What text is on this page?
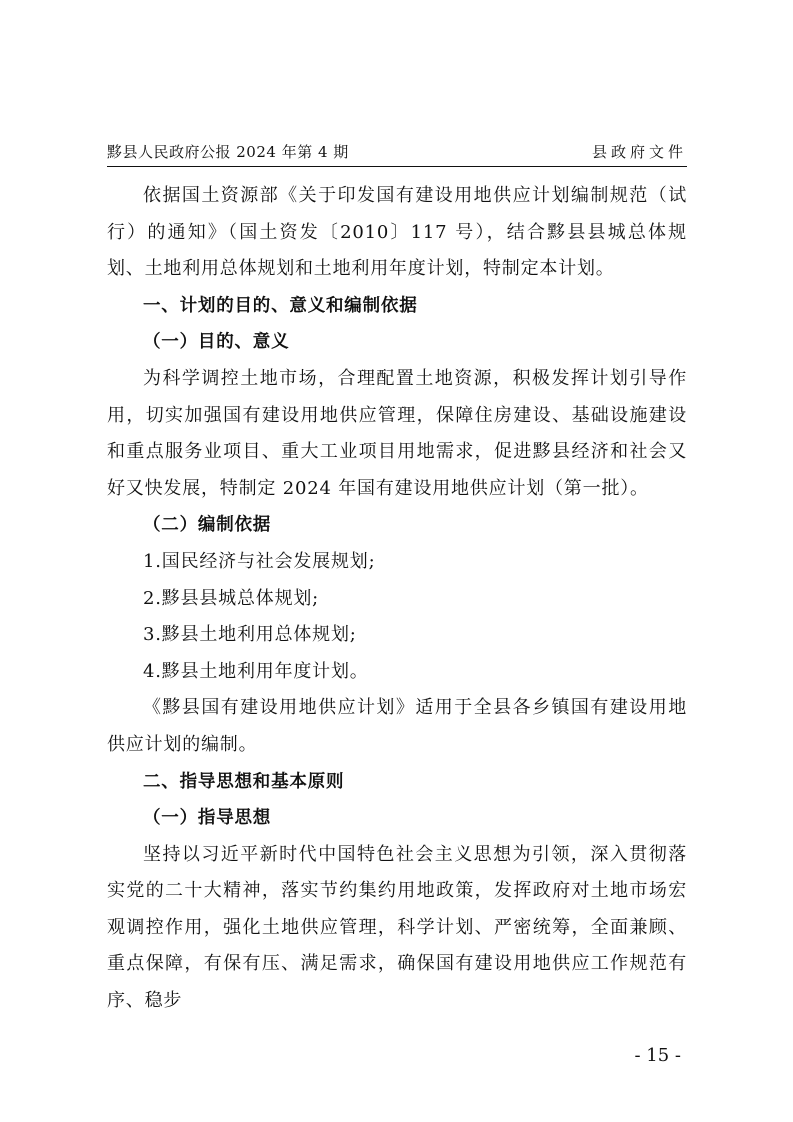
黟县人民政府公报 2024 年第 4 期	县政府文件

依据国土资源部《关于印发国有建设用地供应计划编制规范（试行）的通知》（国土资发〔2010〕117 号），结合黟县县城总体规划、土地利用总体规划和土地利用年度计划，特制定本计划。

一、计划的目的、意义和编制依据

（一）目的、意义

为科学调控土地市场，合理配置土地资源，积极发挥计划引导作用，切实加强国有建设用地供应管理，保障住房建设、基础设施建设和重点服务业项目、重大工业项目用地需求，促进黟县经济和社会又好又快发展，特制定 2024 年国有建设用地供应计划（第一批）。

（二）编制依据

1.国民经济与社会发展规划;

2.黟县县城总体规划;

3.黟县土地利用总体规划;

4.黟县土地利用年度计划。

《黟县国有建设用地供应计划》适用于全县各乡镇国有建设用地供应计划的编制。

二、指导思想和基本原则

（一）指导思想

坚持以习近平新时代中国特色社会主义思想为引领，深入贯彻落实党的二十大精神，落实节约集约用地政策，发挥政府对土地市场宏观调控作用，强化土地供应管理，科学计划、严密统筹，全面兼顾、重点保障，有保有压、满足需求，确保国有建设用地供应工作规范有序、稳步

- 15 -
